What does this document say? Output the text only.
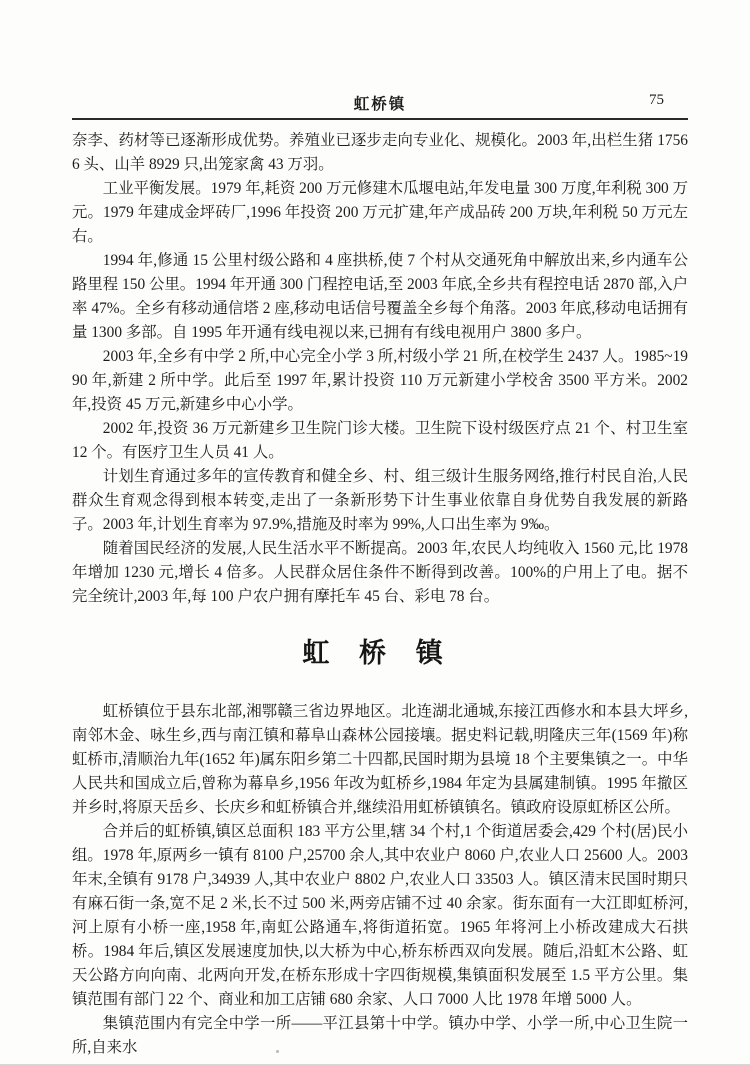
虹桥镇	75

奈李、药材等已逐渐形成优势。养殖业已逐步走向专业化、规模化。2003 年,出栏生猪 17566 头、山羊 8929 只,出笼家禽 43 万羽。

工业平衡发展。1979 年,耗资 200 万元修建木瓜堰电站,年发电量 300 万度,年利税 300 万元。1979 年建成金坪砖厂,1996 年投资 200 万元扩建,年产成品砖 200 万块,年利税 50 万元左右。

1994 年,修通 15 公里村级公路和 4 座拱桥,使 7 个村从交通死角中解放出来,乡内通车公路里程 150 公里。1994 年开通 300 门程控电话,至 2003 年底,全乡共有程控电话 2870 部,入户率 47%。全乡有移动通信塔 2 座,移动电话信号覆盖全乡每个角落。2003 年底,移动电话拥有量 1300 多部。自 1995 年开通有线电视以来,已拥有有线电视用户 3800 多户。

2003 年,全乡有中学 2 所,中心完全小学 3 所,村级小学 21 所,在校学生 2437 人。1985~1990 年,新建 2 所中学。此后至 1997 年,累计投资 110 万元新建小学校舍 3500 平方米。2002 年,投资 45 万元,新建乡中心小学。

2002 年,投资 36 万元新建乡卫生院门诊大楼。卫生院下设村级医疗点 21 个、村卫生室 12 个。有医疗卫生人员 41 人。

计划生育通过多年的宣传教育和健全乡、村、组三级计生服务网络,推行村民自治,人民群众生育观念得到根本转变,走出了一条新形势下计生事业依靠自身优势自我发展的新路子。2003 年,计划生育率为 97.9%,措施及时率为 99%,人口出生率为 9‰。

随着国民经济的发展,人民生活水平不断提高。2003 年,农民人均纯收入 1560 元,比 1978 年增加 1230 元,增长 4 倍多。人民群众居住条件不断得到改善。100%的户用上了电。据不完全统计,2003 年,每 100 户农户拥有摩托车 45 台、彩电 78 台。

虹桥镇

虹桥镇位于县东北部,湘鄂赣三省边界地区。北连湖北通城,东接江西修水和本县大坪乡,南邻木金、咏生乡,西与南江镇和幕阜山森林公园接壤。据史料记载,明隆庆三年(1569 年)称虹桥市,清顺治九年(1652 年)属东阳乡第二十四都,民国时期为县境 18 个主要集镇之一。中华人民共和国成立后,曾称为幕阜乡,1956 年改为虹桥乡,1984 年定为县属建制镇。1995 年撤区并乡时,将原天岳乡、长庆乡和虹桥镇合并,继续沿用虹桥镇镇名。镇政府设原虹桥区公所。

合并后的虹桥镇,镇区总面积 183 平方公里,辖 34 个村,1 个街道居委会,429 个村(居)民小组。1978 年,原两乡一镇有 8100 户,25700 余人,其中农业户 8060 户,农业人口 25600 人。2003 年末,全镇有 9178 户,34939 人,其中农业户 8802 户,农业人口 33503 人。镇区清末民国时期只有麻石街一条,宽不足 2 米,长不过 500 米,两旁店铺不过 40 余家。街东面有一大江即虹桥河,河上原有小桥一座,1958 年,南虹公路通车,将街道拓宽。1965 年将河上小桥改建成大石拱桥。1984 年后,镇区发展速度加快,以大桥为中心,桥东桥西双向发展。随后,沿虹木公路、虹天公路方向向南、北两向开发,在桥东形成十字四街规模,集镇面积发展至 1.5 平方公里。集镇范围有部门 22 个、商业和加工店铺 680 余家、人口 7000 人比 1978 年增 5000 人。

集镇范围内有完全中学一所——平江县第十中学。镇办中学、小学一所,中心卫生院一所,自来水
